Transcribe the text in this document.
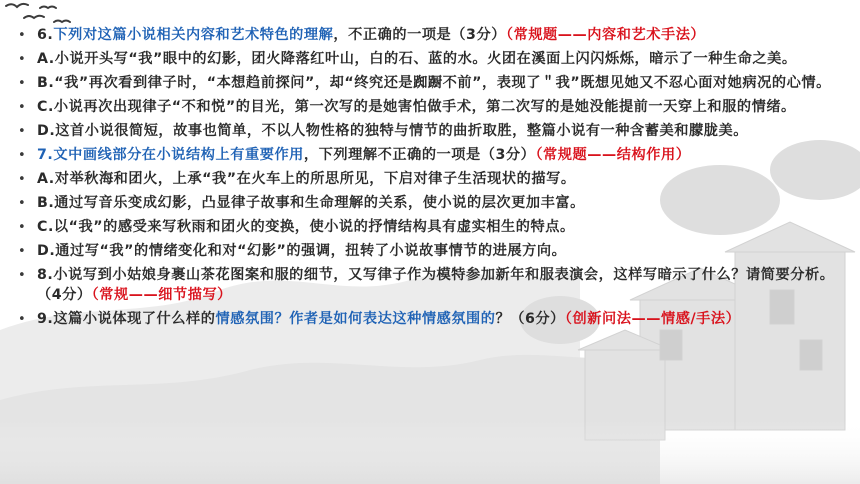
• 6.下列对这篇小说相关内容和艺术特色的理解，不正确的一项是（3分）（常规题——内容和艺术手法）
• A.小说开头写“我”眼中的幻影，团火降落红叶山，白的石、蓝的水。火团在溪面上闪闪烁烁，暗示了一种生命之美。
• B.“我”再次看到律子时，“本想趋前探问”，却“终究还是踟蹰不前”，表现了＂我”既想见她又不忍心面对她病况的心情。
• C.小说再次出现律子“不和悦”的目光，第一次写的是她害怕做手术，第二次写的是她没能提前一天穿上和服的情绪。
• D.这首小说很简短，故事也简单，不以人物性格的独特与情节的曲折取胜，整篇小说有一种含蓄美和朦胧美。
• 7.文中画线部分在小说结构上有重要作用，下列理解不正确的一项是（3分）（常规题——结构作用）
• A.对举秋海和团火，上承“我”在火车上的所思所见，下启对律子生活现状的描写。
• B.通过写音乐变成幻影，凸显律子故事和生命理解的关系，使小说的层次更加丰富。
• C.以“我”的感受来写秋雨和团火的变换，使小说的抒情结构具有虚实相生的特点。
• D.通过写“我”的情绪变化和对“幻影”的强调，扭转了小说故事情节的进展方向。
• 8.小说写到小姑娘身裹山茶花图案和服的细节，又写律子作为模特参加新年和服表演会，这样写暗示了什么？请简要分析。（4分）（常规——细节描写）
• 9.这篇小说体现了什么样的情感氛围？作者是如何表达这种情感氛围的？（6分）（创新问法——情感/手法）
